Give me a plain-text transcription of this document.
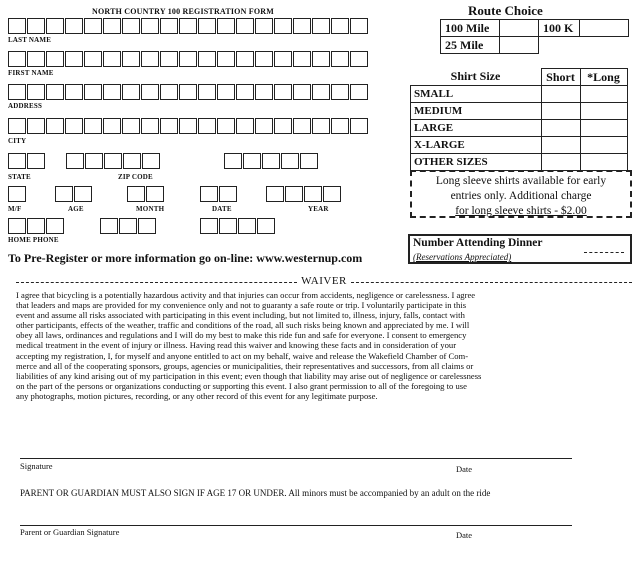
NORTH COUNTRY 100 REGISTRATION FORM
LAST NAME
FIRST NAME
ADDRESS
CITY
STATE	ZIP CODE
M/F	AGE	MONTH	DATE	YEAR
HOME PHONE
Route Choice
100 Mile		100 K	
25 Mile			
Shirt Size	Short	*Long
SMALL		
MEDIUM		
LARGE		
X-LARGE		
OTHER SIZES		
Long sleeve shirts available for early
entries only. Additional charge
for long sleeve shirts - $2.00
Number Attending Dinner
(Reservations Appreciated)
To Pre-Register or more information go on-line: www.westernup.com
WAIVER
I agree that bicycling is a potentially hazardous activity and that injuries can occur from accidents, negligence or carelessness. I agree
that leaders and maps are provided for my convenience only and not to guaranty a safe route or trip. I voluntarily participate in this
event and assume all risks associated with participating in this event including, but not limited to, illness, injury, falls, contact with
other participants, effects of the weather, traffic and conditions of the road, all such risks being known and appreciated by me. I will
obey all laws, ordinances and regulations and I will do my best to make this ride fun and safe for everyone. I consent to emergency
medical treatment in the event of injury or illness. Having read this waiver and knowing these facts and in consideration of your
accepting my registration, I, for myself and anyone entitled to act on my behalf, waive and release the Wakefield Chamber of Com-
merce and all of the cooperating sponsors, groups, agencies or municipalities, their representatives and successors, from all claims or
liabilities of any kind arising out of my participation in this event; even though that liability may arise out of negligence or carelessness
on the part of the persons or organizations conducting or supporting this event. I also grant permission to all of the foregoing to use
any photographs, motion pictures, recording, or any other record of this event for any legitimate purpose.
Signature	Date
PARENT OR GUARDIAN MUST ALSO SIGN IF AGE 17 OR UNDER. All minors must be accompanied by an adult on the ride
Parent or Guardian Signature	Date
